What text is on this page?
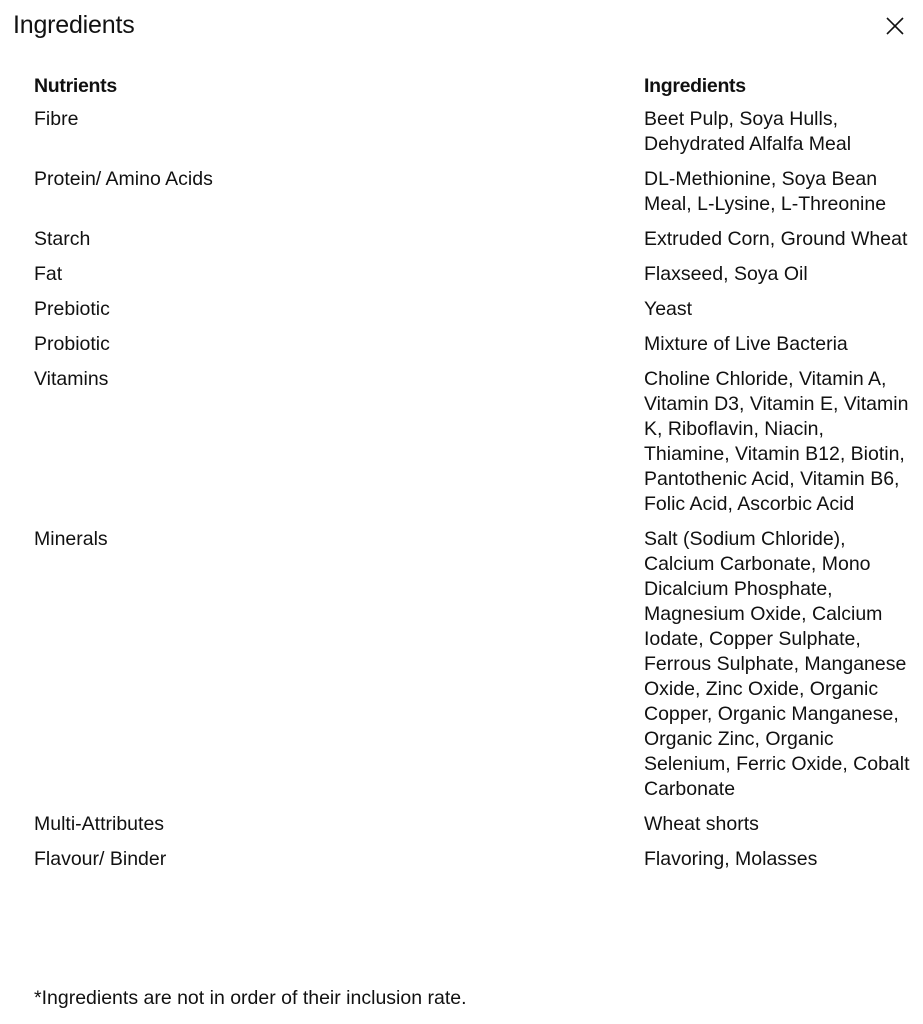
Ingredients
Nutrients	Ingredients
Fibre	Beet Pulp, Soya Hulls, Dehydrated Alfalfa Meal
Protein/ Amino Acids	DL-Methionine, Soya Bean Meal, L-Lysine, L-Threonine
Starch	Extruded Corn, Ground Wheat
Fat	Flaxseed, Soya Oil
Prebiotic	Yeast
Probiotic	Mixture of Live Bacteria
Vitamins	Choline Chloride, Vitamin A, Vitamin D3, Vitamin E, Vitamin K, Riboflavin, Niacin, Thiamine, Vitamin B12, Biotin, Pantothenic Acid, Vitamin B6, Folic Acid, Ascorbic Acid
Minerals	Salt (Sodium Chloride), Calcium Carbonate, Mono Dicalcium Phosphate, Magnesium Oxide, Calcium Iodate, Copper Sulphate, Ferrous Sulphate, Manganese Oxide, Zinc Oxide, Organic Copper, Organic Manganese, Organic Zinc, Organic Selenium, Ferric Oxide, Cobalt Carbonate
Multi-Attributes	Wheat shorts
Flavour/ Binder	Flavoring, Molasses

*Ingredients are not in order of their inclusion rate.
